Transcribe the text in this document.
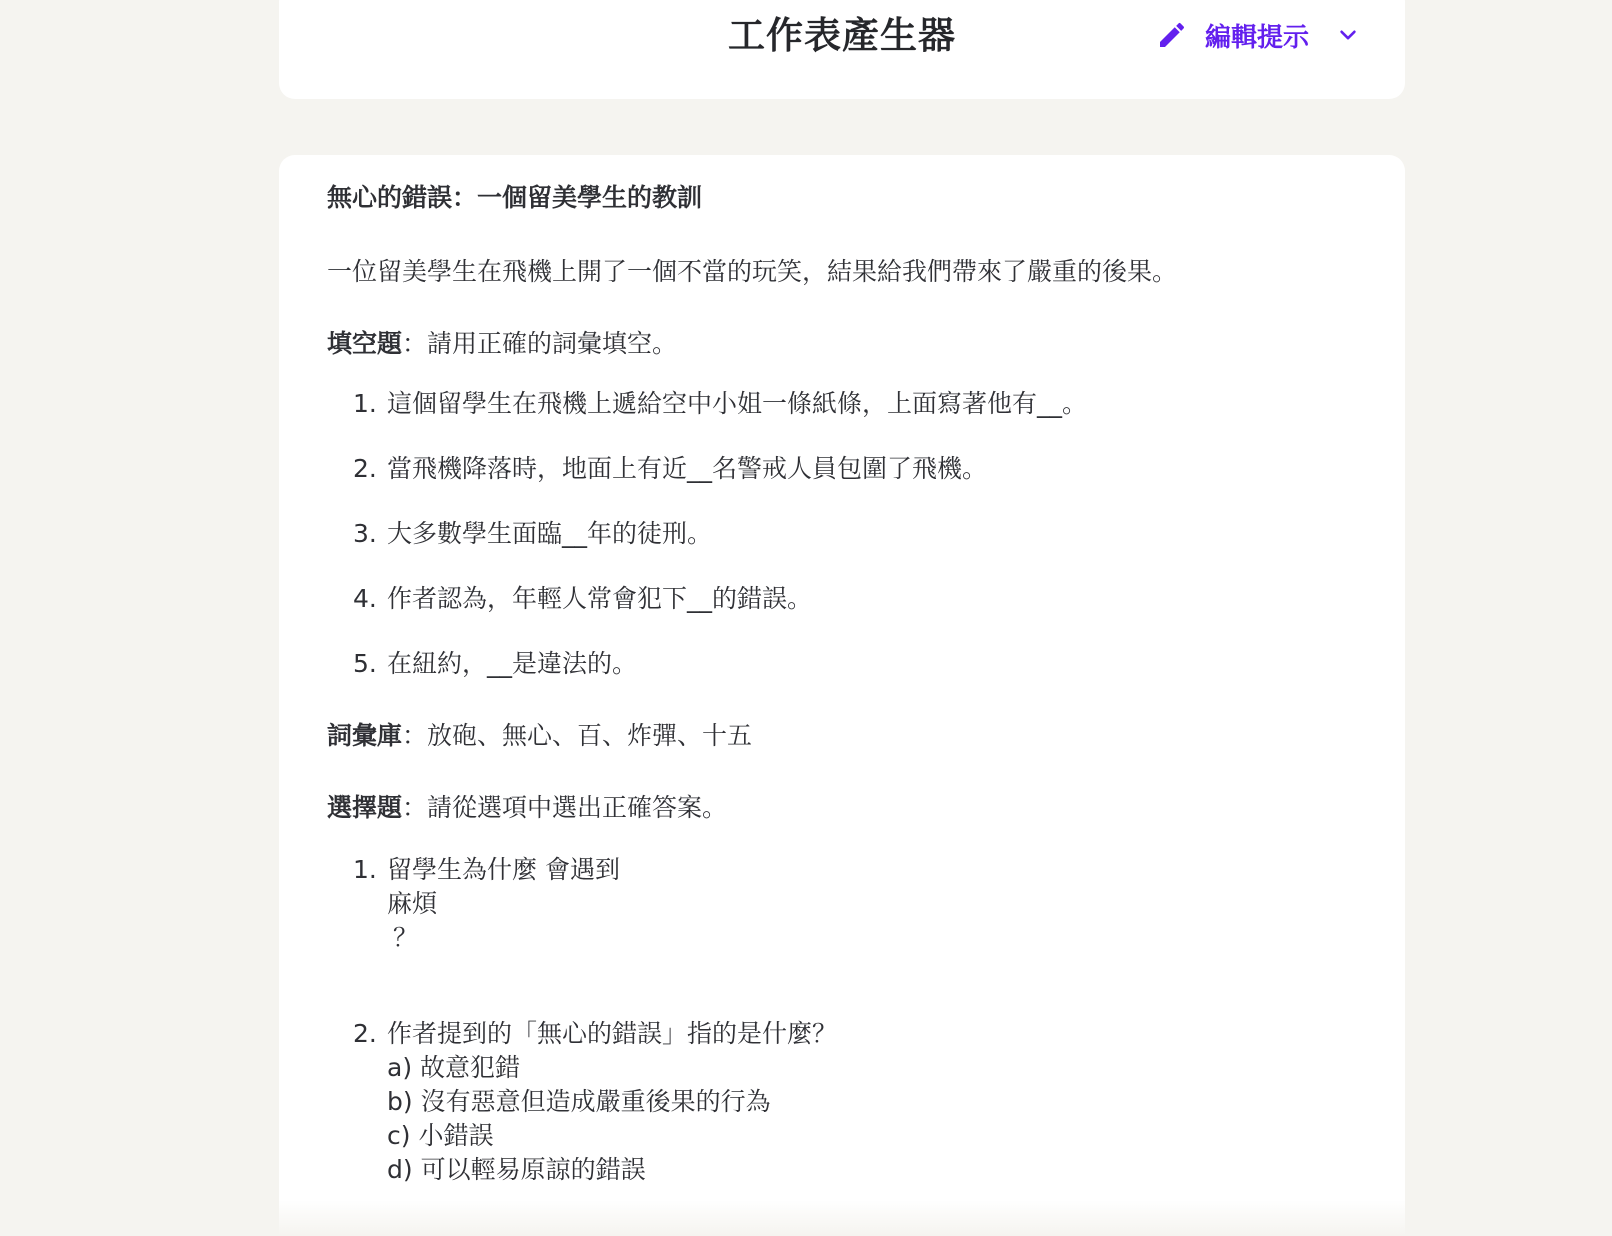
工作表產生器	編輯提示

無心的錯誤：一個留美學生的教訓

一位留美學生在飛機上開了一個不當的玩笑，結果給我們帶來了嚴重的後果。

填空題：請用正確的詞彙填空。

1. 這個留學生在飛機上遞給空中小姐一條紙條，上面寫著他有__。
2. 當飛機降落時，地面上有近__名警戒人員包圍了飛機。
3. 大多數學生面臨__年的徒刑。
4. 作者認為，年輕人常會犯下__的錯誤。
5. 在紐約，__是違法的。

詞彙庫：放砲、無心、百、炸彈、十五

選擇題：請從選項中選出正確答案。

1. 留學生為什麼 會遇到
麻煩
？
2. 作者提到的「無心的錯誤」指的是什麼？
a) 故意犯錯
b) 沒有惡意但造成嚴重後果的行為
c) 小錯誤
d) 可以輕易原諒的錯誤
